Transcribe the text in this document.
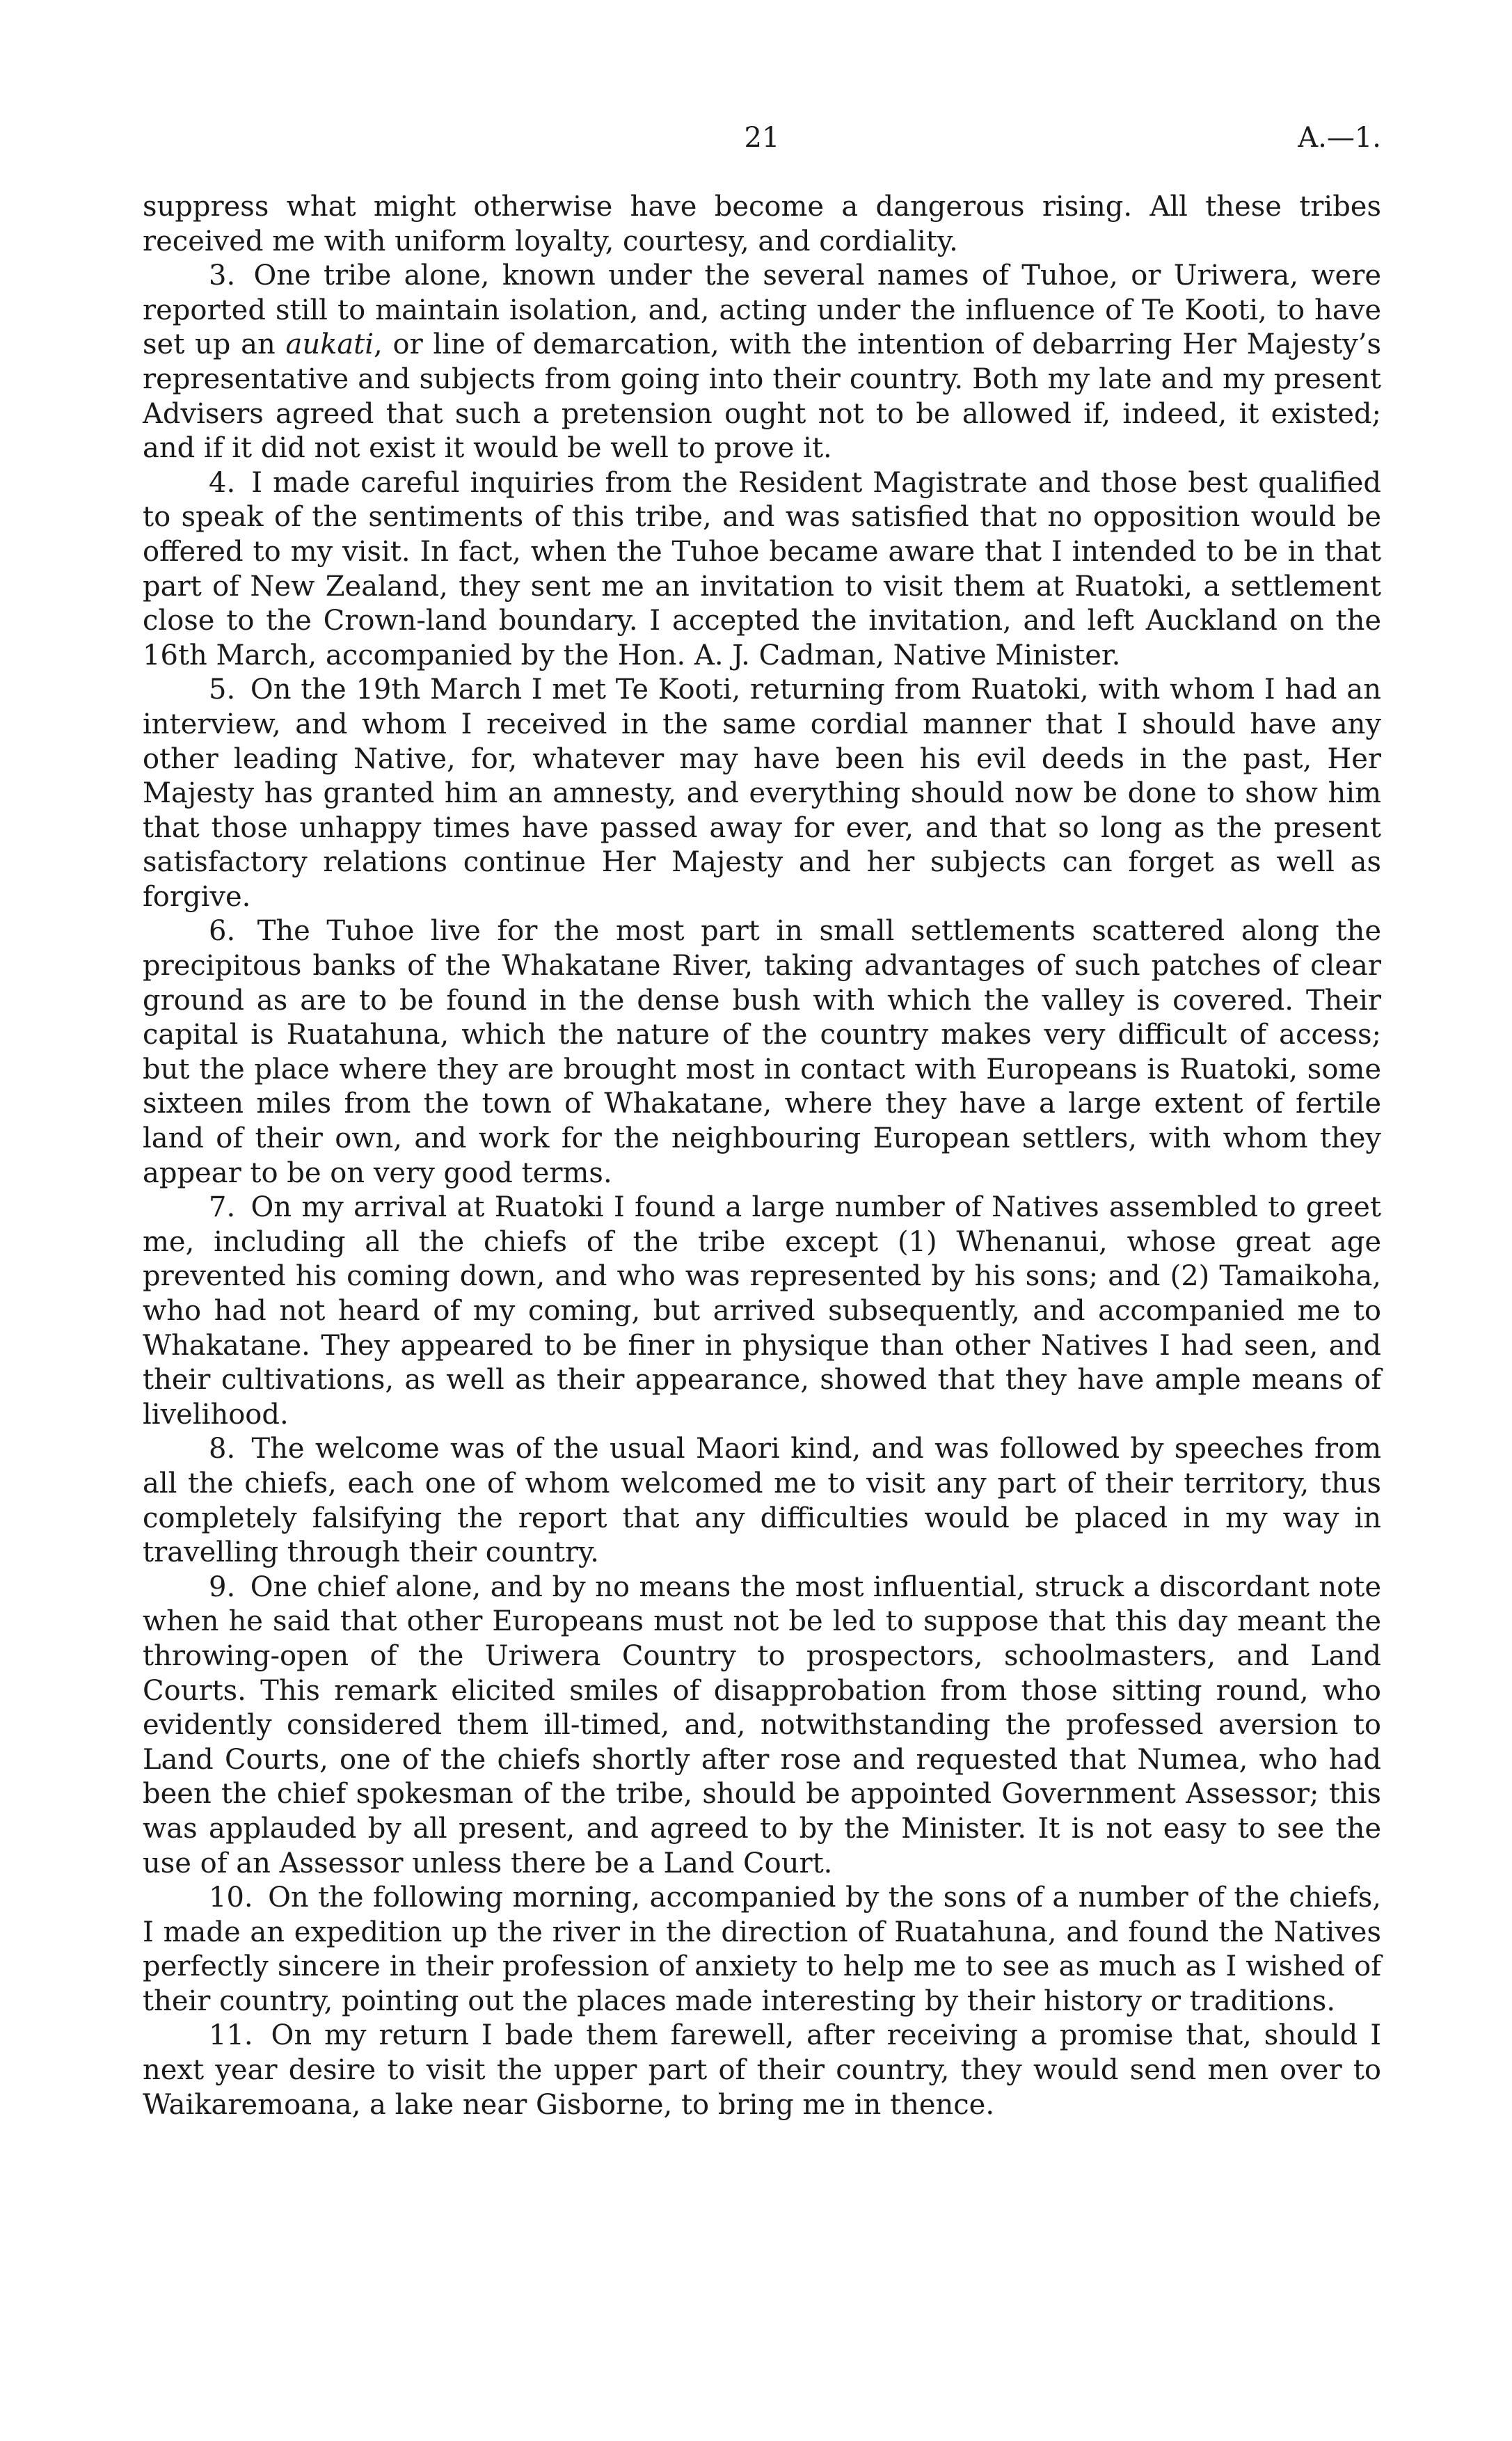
21	A.—1.

suppress what might otherwise have become a dangerous rising. All these tribes received me with uniform loyalty, courtesy, and cordiality.

3. One tribe alone, known under the several names of Tuhoe, or Uriwera, were reported still to maintain isolation, and, acting under the influence of Te Kooti, to have set up an aukati, or line of demarcation, with the intention of debarring Her Majesty’s representative and subjects from going into their country. Both my late and my present Advisers agreed that such a pretension ought not to be allowed if, indeed, it existed; and if it did not exist it would be well to prove it.

4. I made careful inquiries from the Resident Magistrate and those best qualified to speak of the sentiments of this tribe, and was satisfied that no opposition would be offered to my visit. In fact, when the Tuhoe became aware that I intended to be in that part of New Zealand, they sent me an invitation to visit them at Ruatoki, a settlement close to the Crown-land boundary. I accepted the invitation, and left Auckland on the 16th March, accompanied by the Hon. A. J. Cadman, Native Minister.

5. On the 19th March I met Te Kooti, returning from Ruatoki, with whom I had an interview, and whom I received in the same cordial manner that I should have any other leading Native, for, whatever may have been his evil deeds in the past, Her Majesty has granted him an amnesty, and everything should now be done to show him that those unhappy times have passed away for ever, and that so long as the present satisfactory relations continue Her Majesty and her subjects can forget as well as forgive.

6. The Tuhoe live for the most part in small settlements scattered along the precipitous banks of the Whakatane River, taking advantages of such patches of clear ground as are to be found in the dense bush with which the valley is covered. Their capital is Ruatahuna, which the nature of the country makes very difficult of access; but the place where they are brought most in contact with Europeans is Ruatoki, some sixteen miles from the town of Whakatane, where they have a large extent of fertile land of their own, and work for the neighbouring European settlers, with whom they appear to be on very good terms.

7. On my arrival at Ruatoki I found a large number of Natives assembled to greet me, including all the chiefs of the tribe except (1) Whenanui, whose great age prevented his coming down, and who was represented by his sons; and (2) Tamaikoha, who had not heard of my coming, but arrived subsequently, and accompanied me to Whakatane. They appeared to be finer in physique than other Natives I had seen, and their cultivations, as well as their appearance, showed that they have ample means of livelihood.

8. The welcome was of the usual Maori kind, and was followed by speeches from all the chiefs, each one of whom welcomed me to visit any part of their territory, thus completely falsifying the report that any difficulties would be placed in my way in travelling through their country.

9. One chief alone, and by no means the most influential, struck a discordant note when he said that other Europeans must not be led to suppose that this day meant the throwing-open of the Uriwera Country to prospectors, schoolmasters, and Land Courts. This remark elicited smiles of disapprobation from those sitting round, who evidently considered them ill-timed, and, notwithstanding the professed aversion to Land Courts, one of the chiefs shortly after rose and requested that Numea, who had been the chief spokesman of the tribe, should be appointed Government Assessor; this was applauded by all present, and agreed to by the Minister. It is not easy to see the use of an Assessor unless there be a Land Court.

10. On the following morning, accompanied by the sons of a number of the chiefs, I made an expedition up the river in the direction of Ruatahuna, and found the Natives perfectly sincere in their profession of anxiety to help me to see as much as I wished of their country, pointing out the places made interesting by their history or traditions.

11. On my return I bade them farewell, after receiving a promise that, should I next year desire to visit the upper part of their country, they would send men over to Waikaremoana, a lake near Gisborne, to bring me in thence.
